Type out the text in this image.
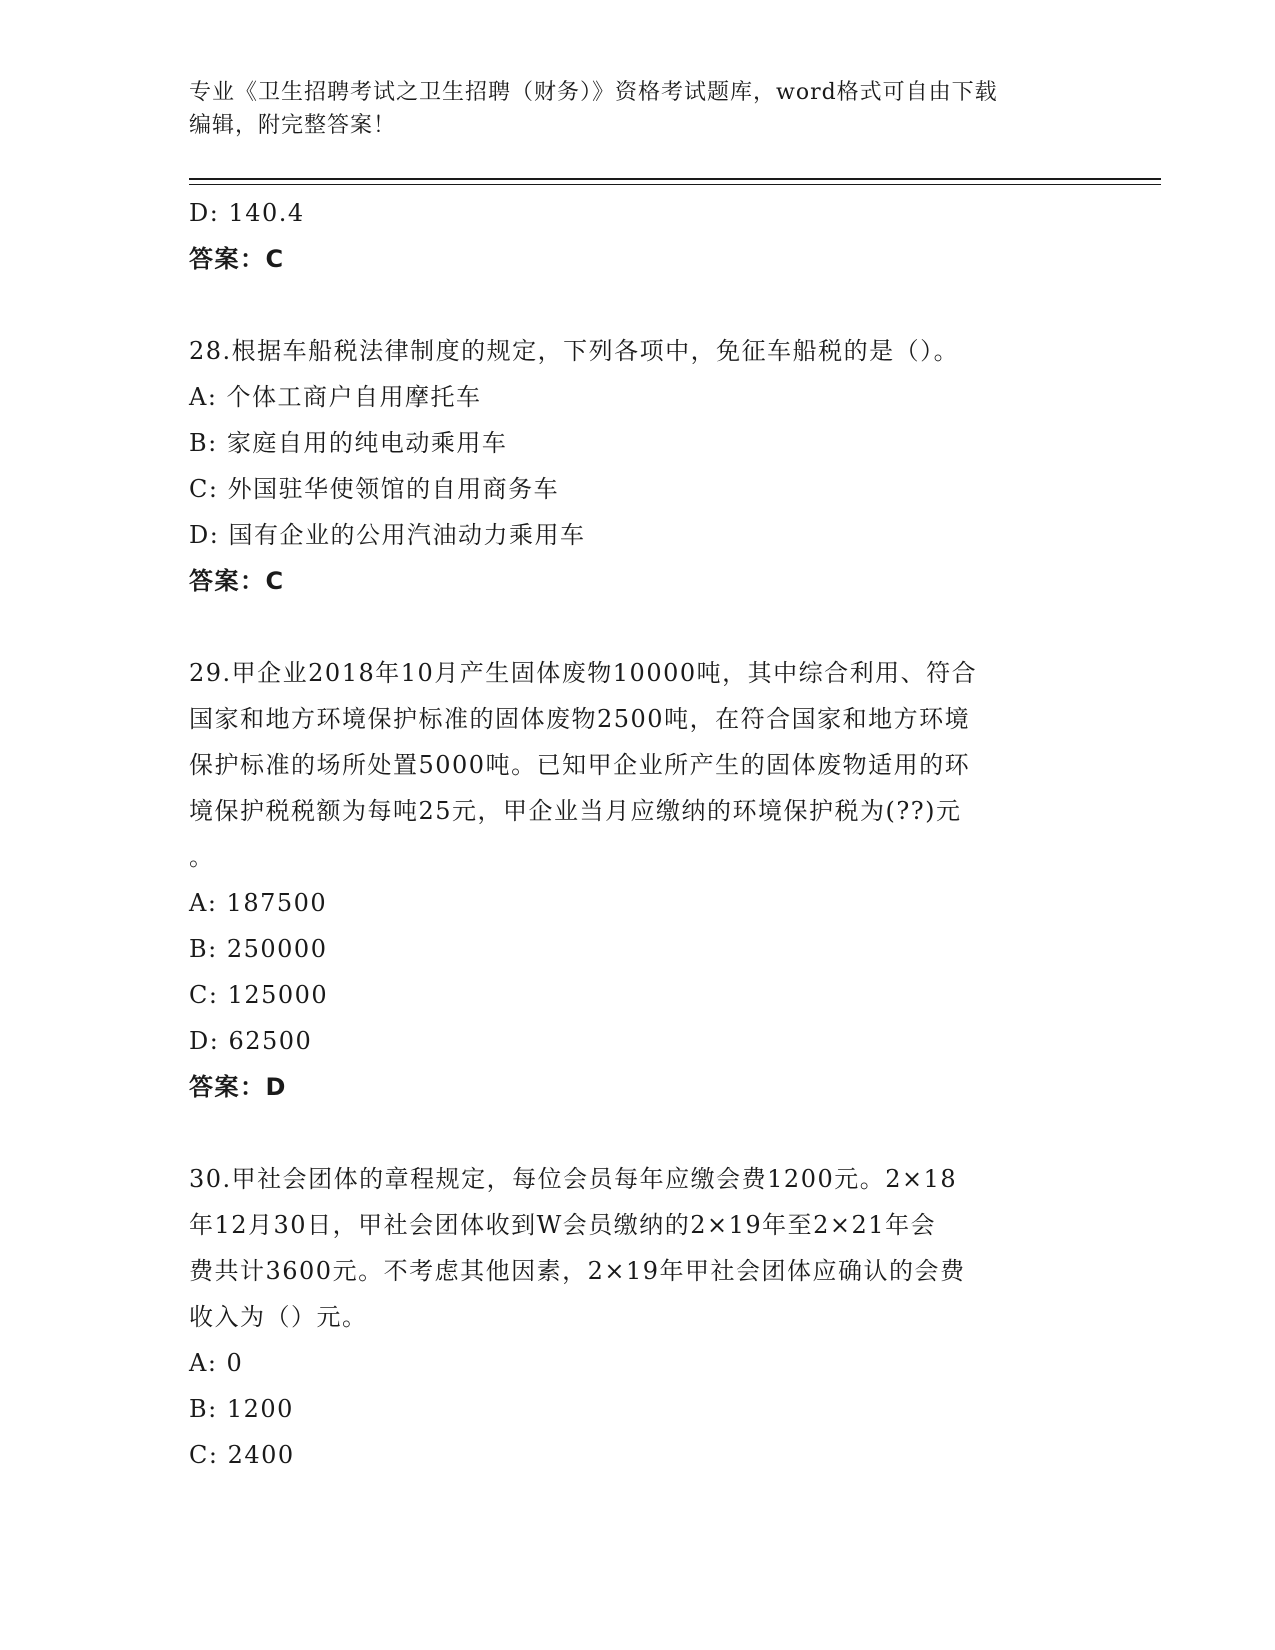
专业《卫生招聘考试之卫生招聘（财务）》资格考试题库，word格式可自由下载
编辑，附完整答案！
D: 140.4
答案：C
28.根据车船税法律制度的规定，下列各项中，免征车船税的是（）。
A: 个体工商户自用摩托车
B: 家庭自用的纯电动乘用车
C: 外国驻华使领馆的自用商务车
D: 国有企业的公用汽油动力乘用车
答案：C
29.甲企业2018年10月产生固体废物10000吨，其中综合利用、符合
国家和地方环境保护标准的固体废物2500吨，在符合国家和地方环境
保护标准的场所处置5000吨。已知甲企业所产生的固体废物适用的环
境保护税税额为每吨25元，甲企业当月应缴纳的环境保护税为(??)元
。
A: 187500
B: 250000
C: 125000
D: 62500
答案：D
30.甲社会团体的章程规定，每位会员每年应缴会费1200元。2×18
年12月30日，甲社会团体收到W会员缴纳的2×19年至2×21年会
费共计3600元。不考虑其他因素，2×19年甲社会团体应确认的会费
收入为（）元。
A: 0
B: 1200
C: 2400
